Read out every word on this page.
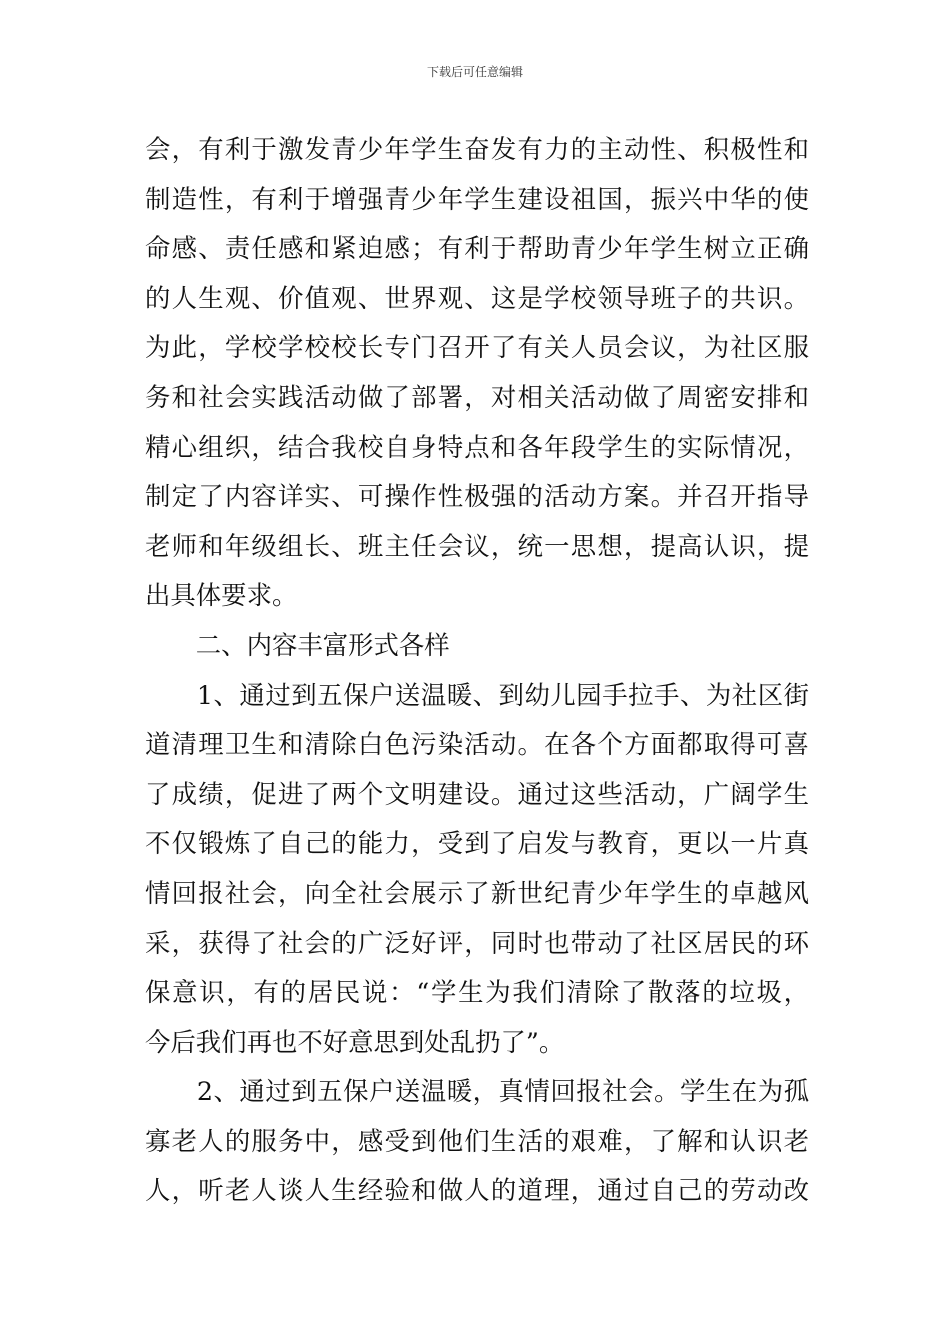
下载后可任意编辑
会，有利于激发青少年学生奋发有力的主动性、积极性和
制造性，有利于增强青少年学生建设祖国，振兴中华的使
命感、责任感和紧迫感；有利于帮助青少年学生树立正确
的人生观、价值观、世界观、这是学校领导班子的共识。
为此，学校学校校长专门召开了有关人员会议，为社区服
务和社会实践活动做了部署，对相关活动做了周密安排和
精心组织，结合我校自身特点和各年段学生的实际情况，
制定了内容详实、可操作性极强的活动方案。并召开指导
老师和年级组长、班主任会议，统一思想，提高认识，提
出具体要求。
　　二、内容丰富形式各样
　　1、通过到五保户送温暖、到幼儿园手拉手、为社区街
道清理卫生和清除白色污染活动。在各个方面都取得可喜
了成绩，促进了两个文明建设。通过这些活动，广阔学生
不仅锻炼了自己的能力，受到了启发与教育，更以一片真
情回报社会，向全社会展示了新世纪青少年学生的卓越风
采，获得了社会的广泛好评，同时也带动了社区居民的环
保意识，有的居民说：“学生为我们清除了散落的垃圾，
今后我们再也不好意思到处乱扔了”。
　　2、通过到五保户送温暖，真情回报社会。学生在为孤
寡老人的服务中，感受到他们生活的艰难，了解和认识老
人，听老人谈人生经验和做人的道理，通过自己的劳动改
